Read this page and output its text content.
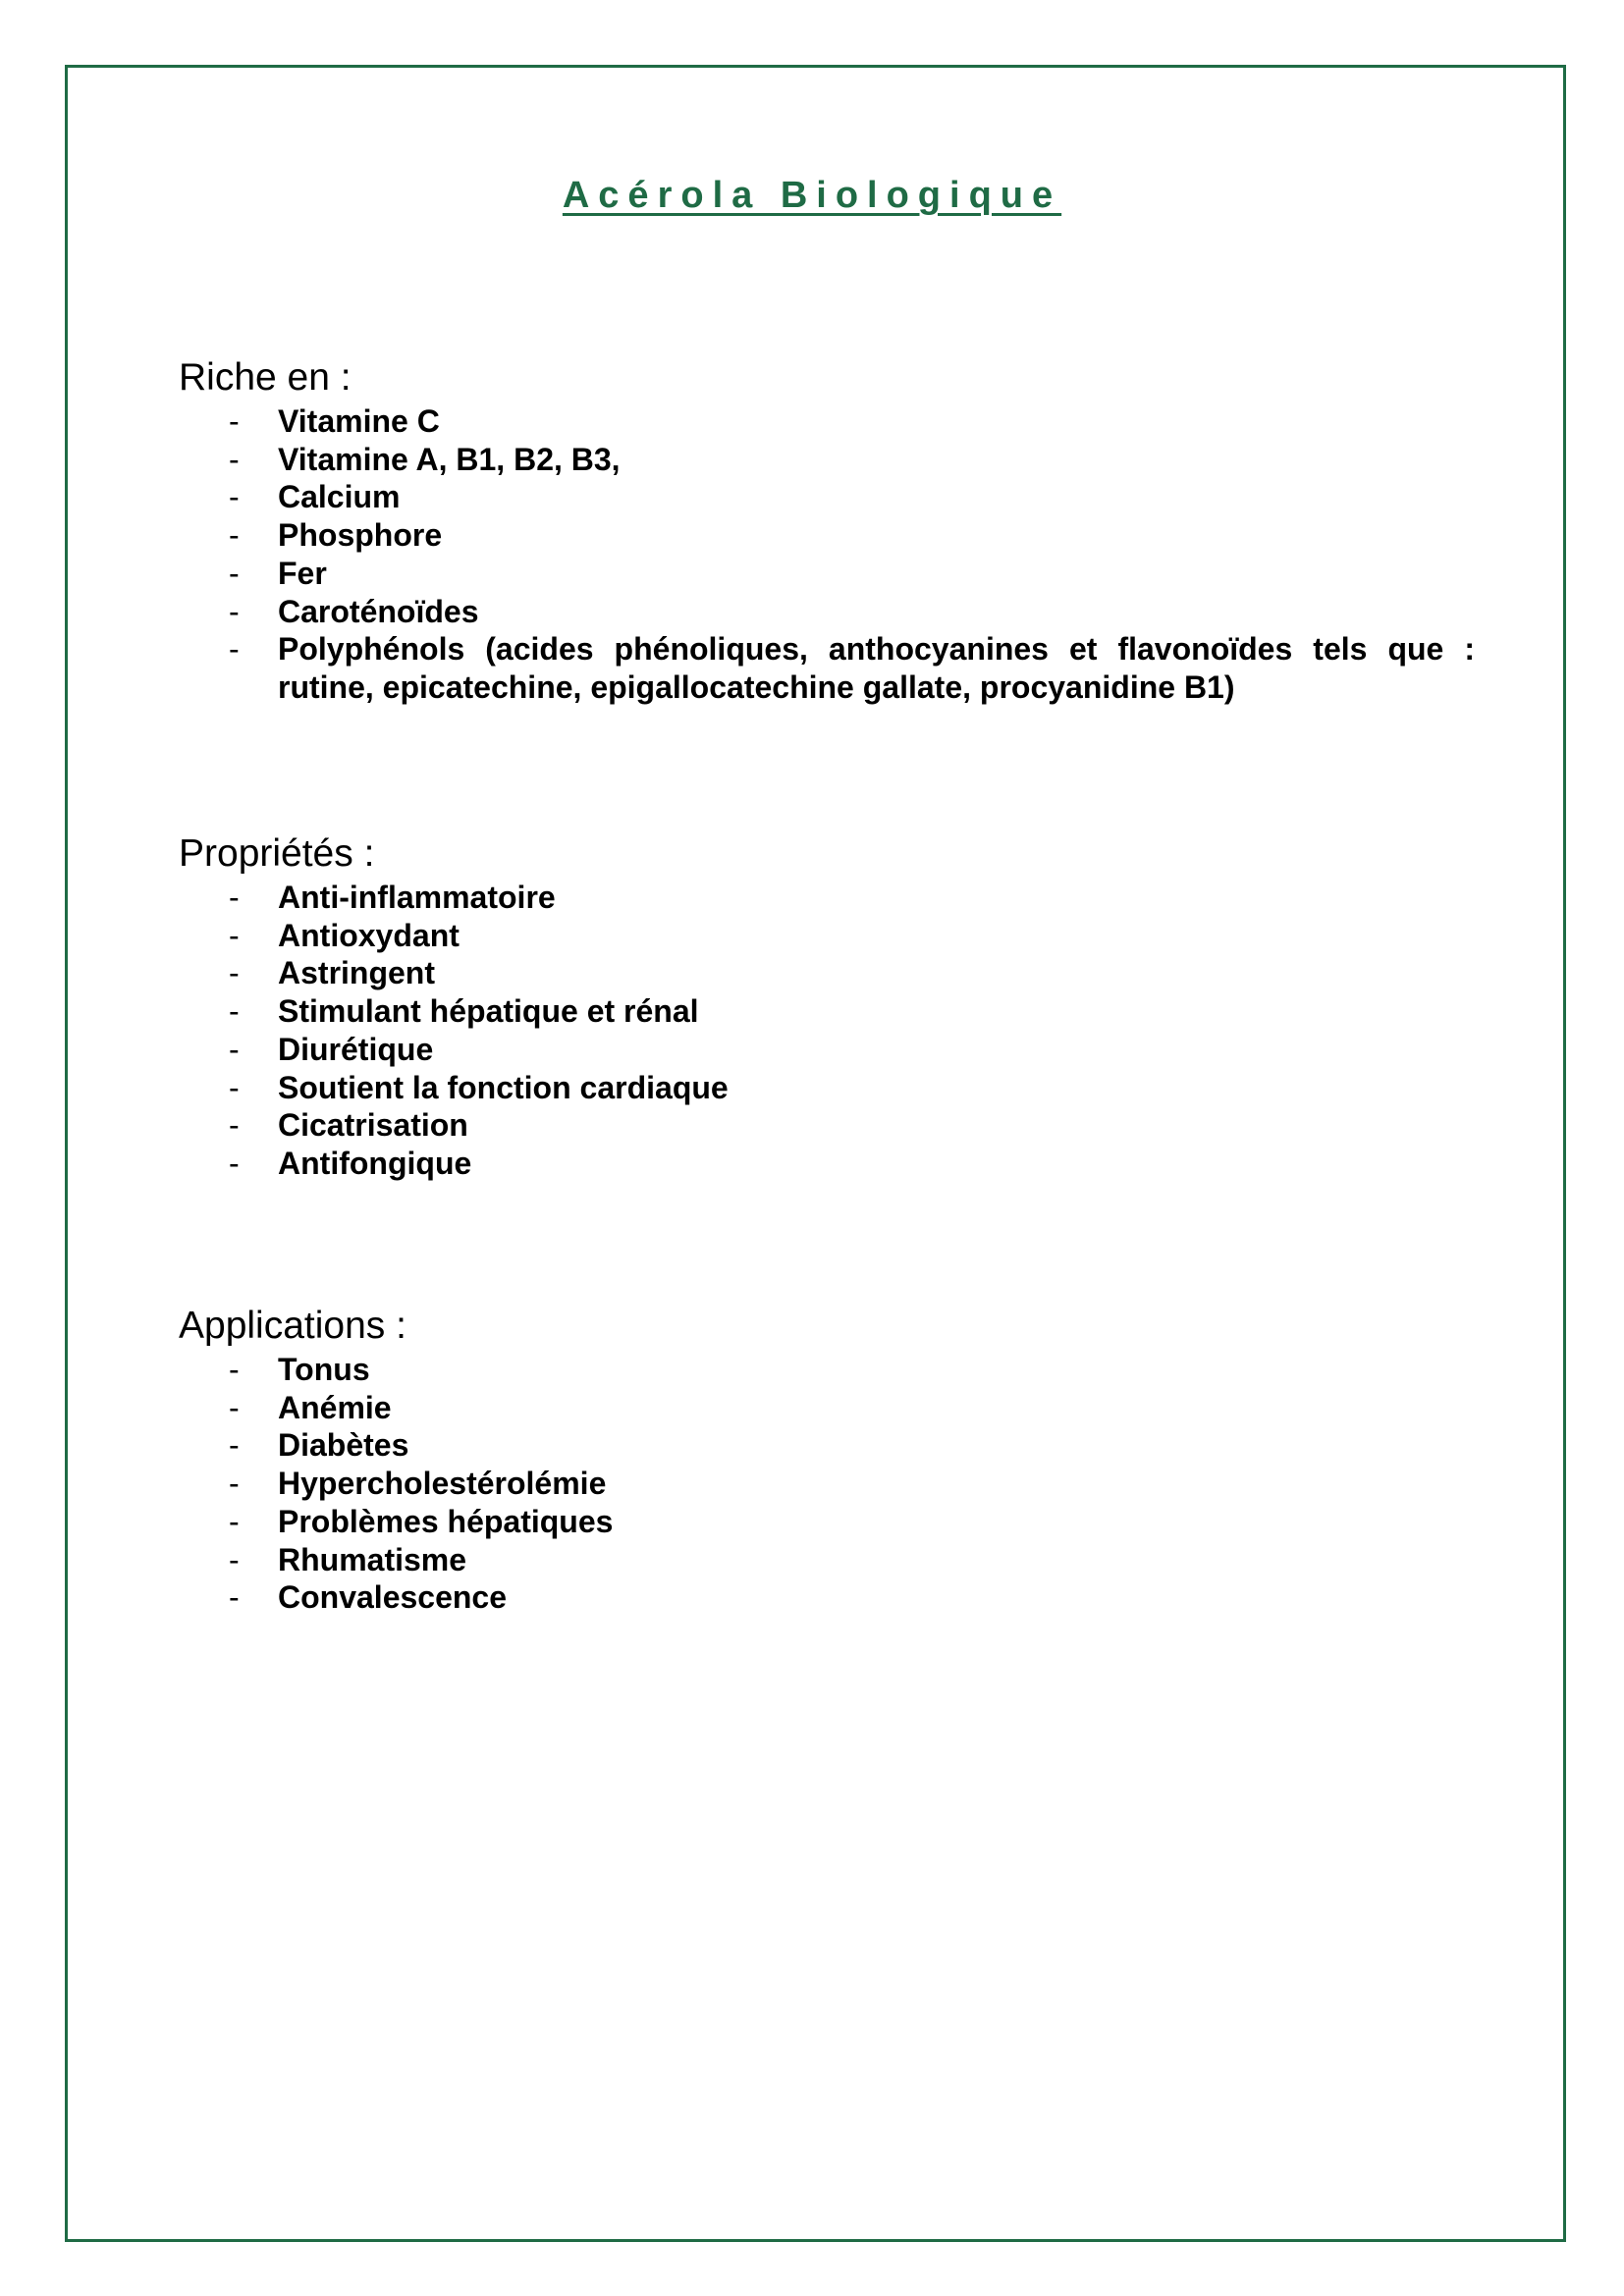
Acérola Biologique
Riche en :
- Vitamine C
- Vitamine A, B1, B2, B3,
- Calcium
- Phosphore
- Fer
- Caroténoïdes
- Polyphénols (acides phénoliques, anthocyanines et flavonoïdes tels que : rutine, epicatechine, epigallocatechine gallate, procyanidine B1)
Propriétés :
- Anti-inflammatoire
- Antioxydant
- Astringent
- Stimulant hépatique et rénal
- Diurétique
- Soutient la fonction cardiaque
- Cicatrisation
- Antifongique
Applications :
- Tonus
- Anémie
- Diabètes
- Hypercholestérolémie
- Problèmes hépatiques
- Rhumatisme
- Convalescence
